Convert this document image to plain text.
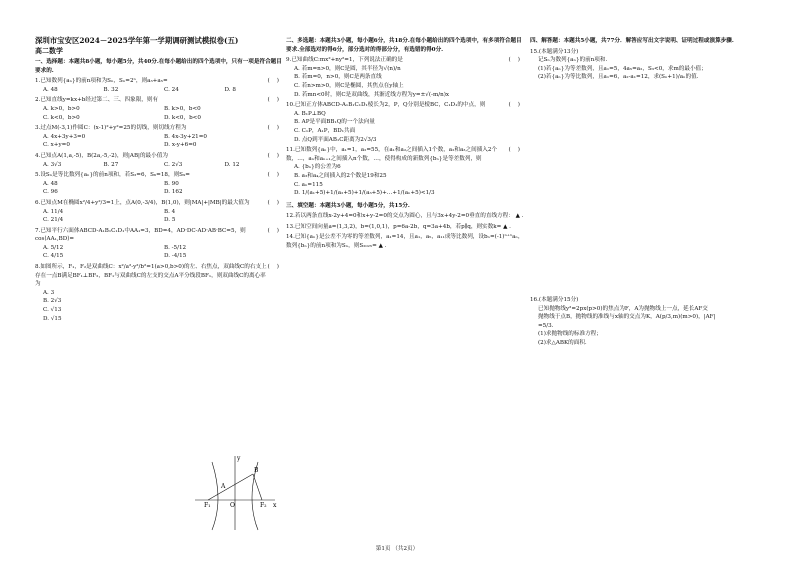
深圳市宝安区2024－2025学年第一学期调研测试模拟卷(五)
高二数学
一、选择题：本题共8小题，每小题5分，共40分.在每小题给出的四个选项中，只有一项是符合题目要求的.
1.已知数列{aₙ}的前n项和为Sₙ，Sₙ=2ⁿ，则a₃+a₅=	(    )
A. 48	B. 32	C. 24	D. 8
2.已知直线y=kx+b经过第二、三、四象限，则有	(    )
A. k>0，b>0	B. k>0，b<0
C. k<0，b>0	D. k<0，b<0
3.过点M(-3,1)作圆C：(x-1)²+y²=25的切线，则切线方程为	(    )
A. 4x+3y+3=0	B. 4x-3y+21=0
C. x+y=0	D. x-y+6=0
4.已知点A(1,a,-5)，B(2a,-5,-2)，则|AB|的最小值为	(    )
A. 3√3	B. 27	C. 2√3	D. 12
5.设Sₙ是等比数列{aₙ}的前n项和，若S₃=6，S₆=18，则S₉=	(    )
A. 48	B. 90
C. 96	D. 162
6.已知点M在椭圆x²/4+y²/3=1上，点A(0,-3/4)，B(1,0)，则|MA|+|MB|的最大值为	(    )
A. 11/4	B. 4
C. 21/4	D. 5
7.已知平行六面体ABCD-A₁B₁C₁D₁中AA₁=3，BD=4，AD·DC-AD·AB·BC=5，则cos⟨AA₁,BD⟩=
(    )
A. 5/12	B. -5/12
C. 4/15	D. -4/15
8.如图所示，F₁，F₂是双曲线C：x²/a²-y²/b²=1(a>0,b>0)的左、右焦点，双曲线C的右支上存在一点B满足BF₁⊥BF₂，BF₁与双曲线C的左支的交点A平分线段BF₁，则双曲线C的离心率为
(    )
A. 3
B. 2√3
C. √13
D. √15
二、多选题：本题共3小题，每小题6分，共18分.在每小题给出的四个选项中，有多项符合题目要求.全部选对的得6分，部分选对的得部分分，有选错的得0分.
9.已知曲线C:mx²+ny²=1，下列说法正确的是	(    )
A. 若m=n>0，则C是圆，其半径为√(n)/n
B. 若m=0，n>0，则C是两条直线
C. 若n>m>0，则C是椭圆，其焦点在y轴上
D. 若mn<0时，则C是双曲线，其渐近线方程为y=±√(-m/n)x
10.已知正方体ABCD-A₁B₁C₁D₁棱长为2，P，Q分别是棱BC，C₁D₁的中点，则	(    )
A. B₁P⊥BQ
B. AP是平面BB₁Q的一个法向量
C. C₁P，A₁P，BD₁共面
D. 点Q到平面AB₁C距离为2√3/3
11.已知数列{aₙ}中，a₁=1，a₂=55，在a₁和a₂之间插入1个数，a₂和a₃之间插入2个数，…，aₙ和aₙ₊₁之间插入n个数，…，使得构成的新数列{bₙ}是等差数列，则
(    )
A. {bₙ}的公差为6
B. a₃和a₄之间插入的2个数是19和25
C. aₙ=115
D. 1/(a₁+5)+1/(a₂+5)+1/(a₃+5)+…+1/(aₙ+5)<1/3
三、填空题：本题共3小题，每小题5分，共15分.
12.若以两条直线x-2y+4=0和x+y-2=0的交点为圆心，且与3x+4y-2=0垂直的直线方程： ▲ .
13.已知空间向量a=(1,3,2)，b=(1,0,1)，p=6a-2b，q=3a+4b，若p∥q，则实数k= ▲ .
14.已知{aₙ}是公差不为零的等差数列，a₁=14，且a₁，a₅，a₁₁成等比数列，设bₙ=(-1)ⁿ⁺¹aₙ，数列{bₙ}的前n项和为Sₙ，则S₂₀₂₅= ▲ .
四、解答题：本题共5小题，共77分．解答应写出文字说明、证明过程或演算步骤.
15.(本题满分13分)
记Sₙ为数列{aₙ}的前n项和.
(1)若{aₙ}为等差数列，且a₁=5，4a₅=a₂，S₃<0，求m的最小值；
(2)若{aₙ}为等比数列，且a₁=6，a₂-a₁=12，求(Sₙ+1)/aₙ的值.
16.(本题满分15分)
已知抛物线y²=2px(p>0)的焦点为F，A为抛物线上一点，延长AF交
抛物线于点B，抛物线的准线与x轴的交点为K，A(p/3,m)(m>0)，|AF|
=5/3.
(1)求抛物线的标准方程；
(2)求△ABK的面积.
y
x
O
F₁	F₂
A
B
第1页 （共2页）
